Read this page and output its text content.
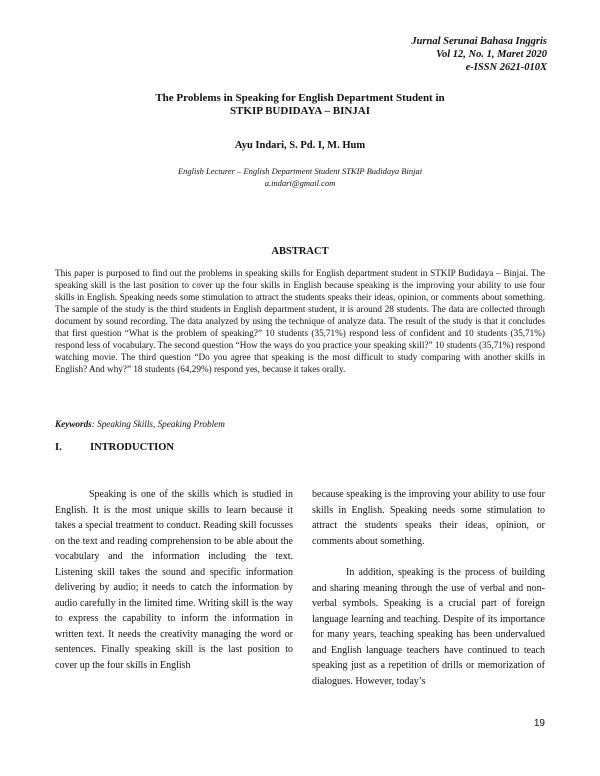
Jurnal Serunai Bahasa Inggris
Vol 12, No. 1, Maret 2020
e-ISSN 2621-010X
The Problems in Speaking for English Department Student in
STKIP BUDIDAYA – BINJAI
Ayu Indari, S. Pd. I, M. Hum
English Lecturer – English Department Student STKIP Budidaya Binjai
a.indari@gmail.com
ABSTRACT

This paper is purposed to find out the problems in speaking skills for English department student in STKIP Budidaya – Binjai. The speaking skill is the last position to cover up the four skills in English because speaking is the improving your ability to use four skills in English. Speaking needs some stimulation to attract the students speaks their ideas, opinion, or comments about something. The sample of the study is the third students in English department student, it is around 28 students. The data are collected through document by sound recording. The data analyzed by using the technique of analyze data. The result of the study is that it concludes that first question “What is the problem of speaking?” 10 students (35,71%) respond less of confident and 10 students (35,71%) respond less of vocabulary. The second question “How the ways do you practice your speaking skill?” 10 students (35,71%) respond watching movie. The third question “Do you agree that speaking is the most difficult to study comparing with another skills in English? And why?” 18 students (64,29%) respond yes, because it takes orally.

Keywords: Speaking Skills, Speaking Problem
I.	INTRODUCTION

Speaking is one of the skills which is studied in English. It is the most unique skills to learn because it takes a special treatment to conduct. Reading skill focusses on the text and reading comprehension to be able about the vocabulary and the information including the text. Listening skill takes the sound and specific information delivering by audio; it needs to catch the information by audio carefully in the limited time. Writing skill is the way to express the capability to inform the information in written text. It needs the creativity managing the word or sentences. Finally speaking skill is the last position to cover up the four skills in English

because speaking is the improving your ability to use four skills in English. Speaking needs some stimulation to attract the students speaks their ideas, opinion, or comments about something.

In addition, speaking is the process of building and sharing meaning through the use of verbal and non-verbal symbols. Speaking is a crucial part of foreign language learning and teaching. Despite of its importance for many years, teaching speaking has been undervalued and English language teachers have continued to teach speaking just as a repetition of drills or memorization of dialogues. However, today’s

19
